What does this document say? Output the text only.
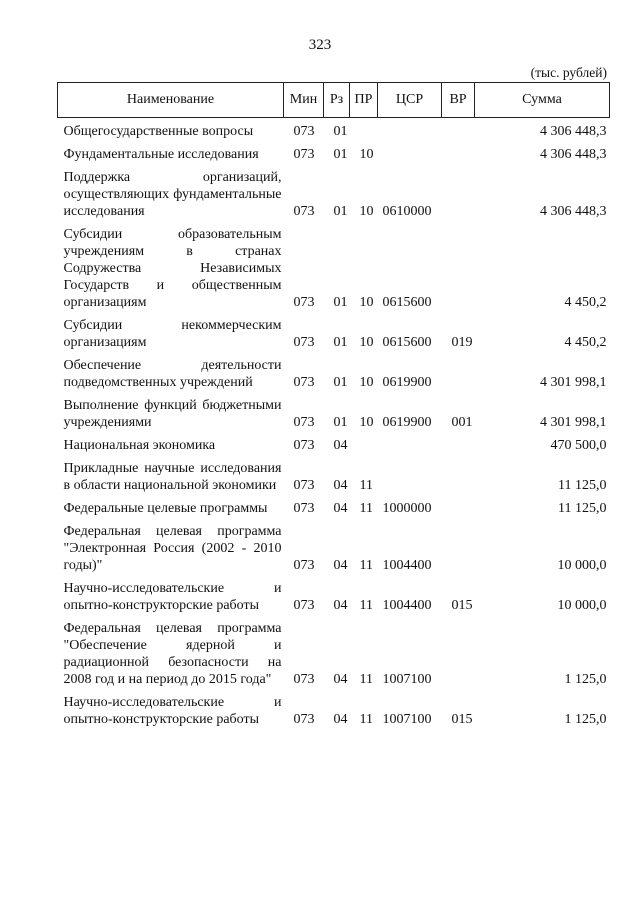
323
(тыс. рублей)
Наименование	Мин	Рз	ПР	ЦСР	ВР	Сумма
Общегосударственные вопросы	073	01				4 306 448,3
Фундаментальные исследования	073	01	10			4 306 448,3
Поддержка организаций, осуществляющих фундаментальные исследования	073	01	10	0610000		4 306 448,3
Субсидии образовательным учреждениям в странах Содружества Независимых Государств и общественным организациям	073	01	10	0615600		4 450,2
Субсидии некоммерческим организациям	073	01	10	0615600	019	4 450,2
Обеспечение деятельности подведомственных учреждений	073	01	10	0619900		4 301 998,1
Выполнение функций бюджетными учреждениями	073	01	10	0619900	001	4 301 998,1
Национальная экономика	073	04				470 500,0
Прикладные научные исследования в области национальной экономики	073	04	11			11 125,0
Федеральные целевые программы	073	04	11	1000000		11 125,0
Федеральная целевая программа "Электронная Россия (2002 - 2010 годы)"	073	04	11	1004400		10 000,0
Научно-исследовательские и опытно-конструкторские работы	073	04	11	1004400	015	10 000,0
Федеральная целевая программа "Обеспечение ядерной и радиационной безопасности на 2008 год и на период до 2015 года"	073	04	11	1007100		1 125,0
Научно-исследовательские и опытно-конструкторские работы	073	04	11	1007100	015	1 125,0
